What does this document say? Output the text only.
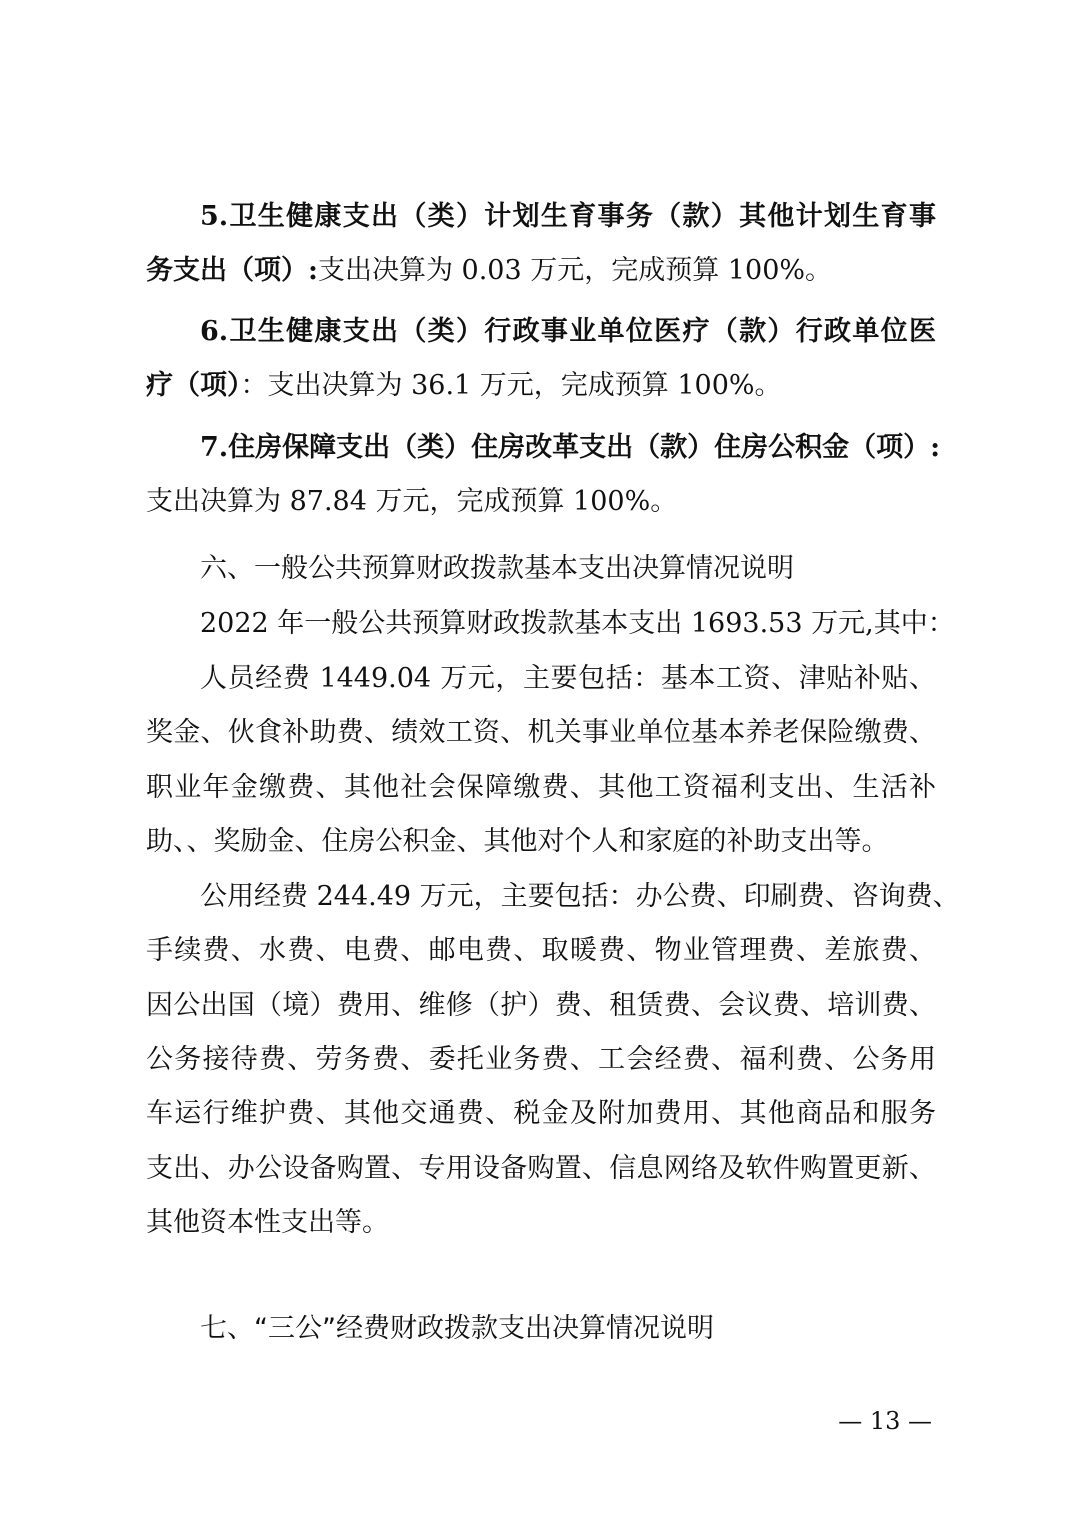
5.卫生健康支出（类）计划生育事务（款）其他计划生育事
务支出（项）:支出决算为 0.03 万元，完成预算 100%。
6.卫生健康支出（类）行政事业单位医疗（款）行政单位医
疗（项）：支出决算为 36.1 万元，完成预算 100%。
7.住房保障支出（类）住房改革支出（款）住房公积金（项）:
支出决算为 87.84 万元，完成预算 100%。
六、一般公共预算财政拨款基本支出决算情况说明
2022 年一般公共预算财政拨款基本支出 1693.53 万元,其中：
人员经费 1449.04 万元，主要包括：基本工资、津贴补贴、
奖金、伙食补助费、绩效工资、机关事业单位基本养老保险缴费、
职业年金缴费、其他社会保障缴费、其他工资福利支出、生活补
助、、奖励金、住房公积金、其他对个人和家庭的补助支出等。
公用经费 244.49 万元，主要包括：办公费、印刷费、咨询费、
手续费、水费、电费、邮电费、取暖费、物业管理费、差旅费、
因公出国（境）费用、维修（护）费、租赁费、会议费、培训费、
公务接待费、劳务费、委托业务费、工会经费、福利费、公务用
车运行维护费、其他交通费、税金及附加费用、其他商品和服务
支出、办公设备购置、专用设备购置、信息网络及软件购置更新、
其他资本性支出等。
七、“三公”经费财政拨款支出决算情况说明
— 13 —
